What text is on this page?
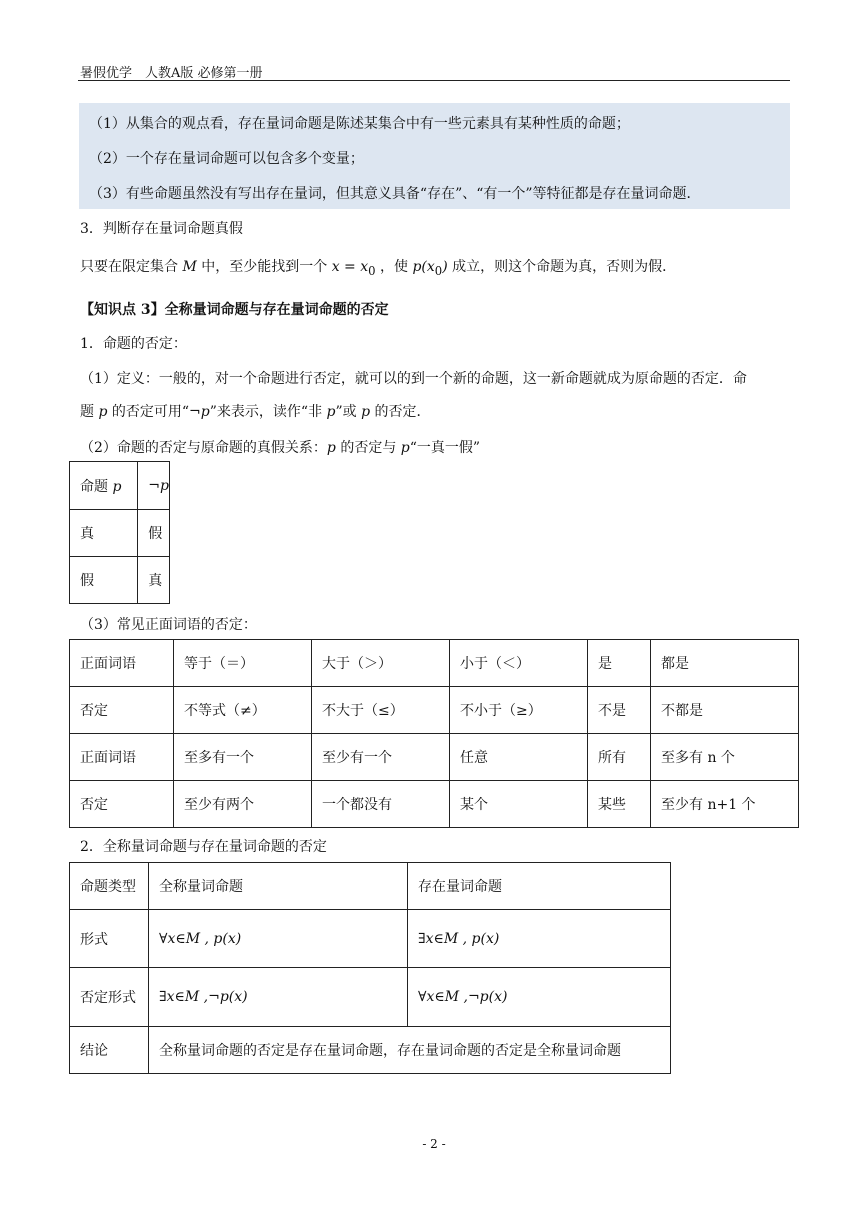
暑假优学　人教A版 必修第一册
（1）从集合的观点看，存在量词命题是陈述某集合中有一些元素具有某种性质的命题；
（2）一个存在量词命题可以包含多个变量；
（3）有些命题虽然没有写出存在量词，但其意义具备“存在”、“有一个”等特征都是存在量词命题．
3．判断存在量词命题真假
只要在限定集合 M 中，至少能找到一个 $x = x_0$ ，使 $p(x_0)$ 成立，则这个命题为真，否则为假．
【知识点 3】全称量词命题与存在量词命题的否定
1．命题的否定：
（1）定义：一般的，对一个命题进行否定，就可以的到一个新的命题，这一新命题就成为原命题的否定．命
题 p 的否定可用“¬p”来表示，读作“非 p”或 p 的否定．
（2）命题的否定与原命题的真假关系：p 的否定与 p“一真一假”
命题 p	¬p
真	假
假	真
（3）常见正面词语的否定：
正面词语	等于（＝）	大于（＞）	小于（＜）	是	都是
否定	不等式（≠）	不大于（≤）	不小于（≥）	不是	不都是
正面词语	至多有一个	至少有一个	任意	所有	至多有 n 个
否定	至少有两个	一个都没有	某个	某些	至少有 n+1 个
2．全称量词命题与存在量词命题的否定
命题类型	全称量词命题	存在量词命题
形式	∀x∈M , p(x)	∃x∈M , p(x)
否定形式	∃x∈M ,¬p(x)	∀x∈M ,¬p(x)
结论	全称量词命题的否定是存在量词命题，存在量词命题的否定是全称量词命题	
- 2 -
